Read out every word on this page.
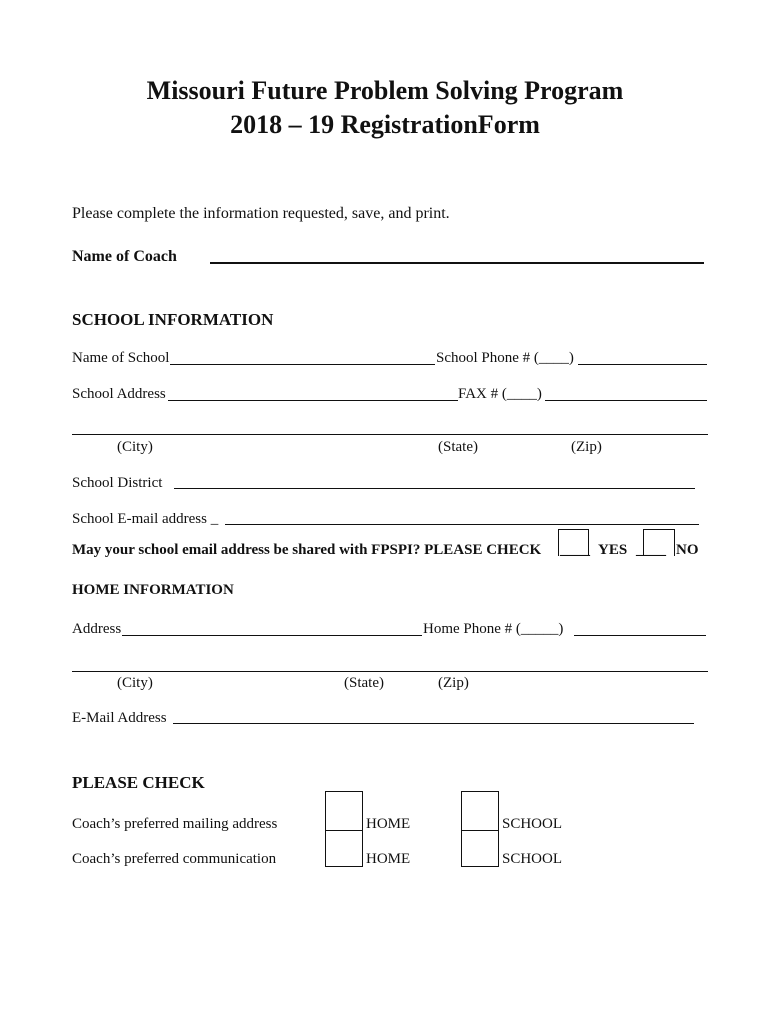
Missouri Future Problem Solving Program
2018 – 19 RegistrationForm
Please complete the information requested, save, and print.
Name of Coach
SCHOOL INFORMATION
Name of School	School Phone # (____)
School Address	FAX # (____)
(City)	(State)	(Zip)
School District
School E-mail address _
May your school email address be shared with FPSPI? PLEASE CHECK ____ YES ____ NO
HOME INFORMATION
Address	Home Phone # (_____)
(City)	(State)	(Zip)
E-Mail Address
PLEASE CHECK
Coach’s preferred mailing address	HOME	SCHOOL
Coach’s preferred communication	HOME	SCHOOL
